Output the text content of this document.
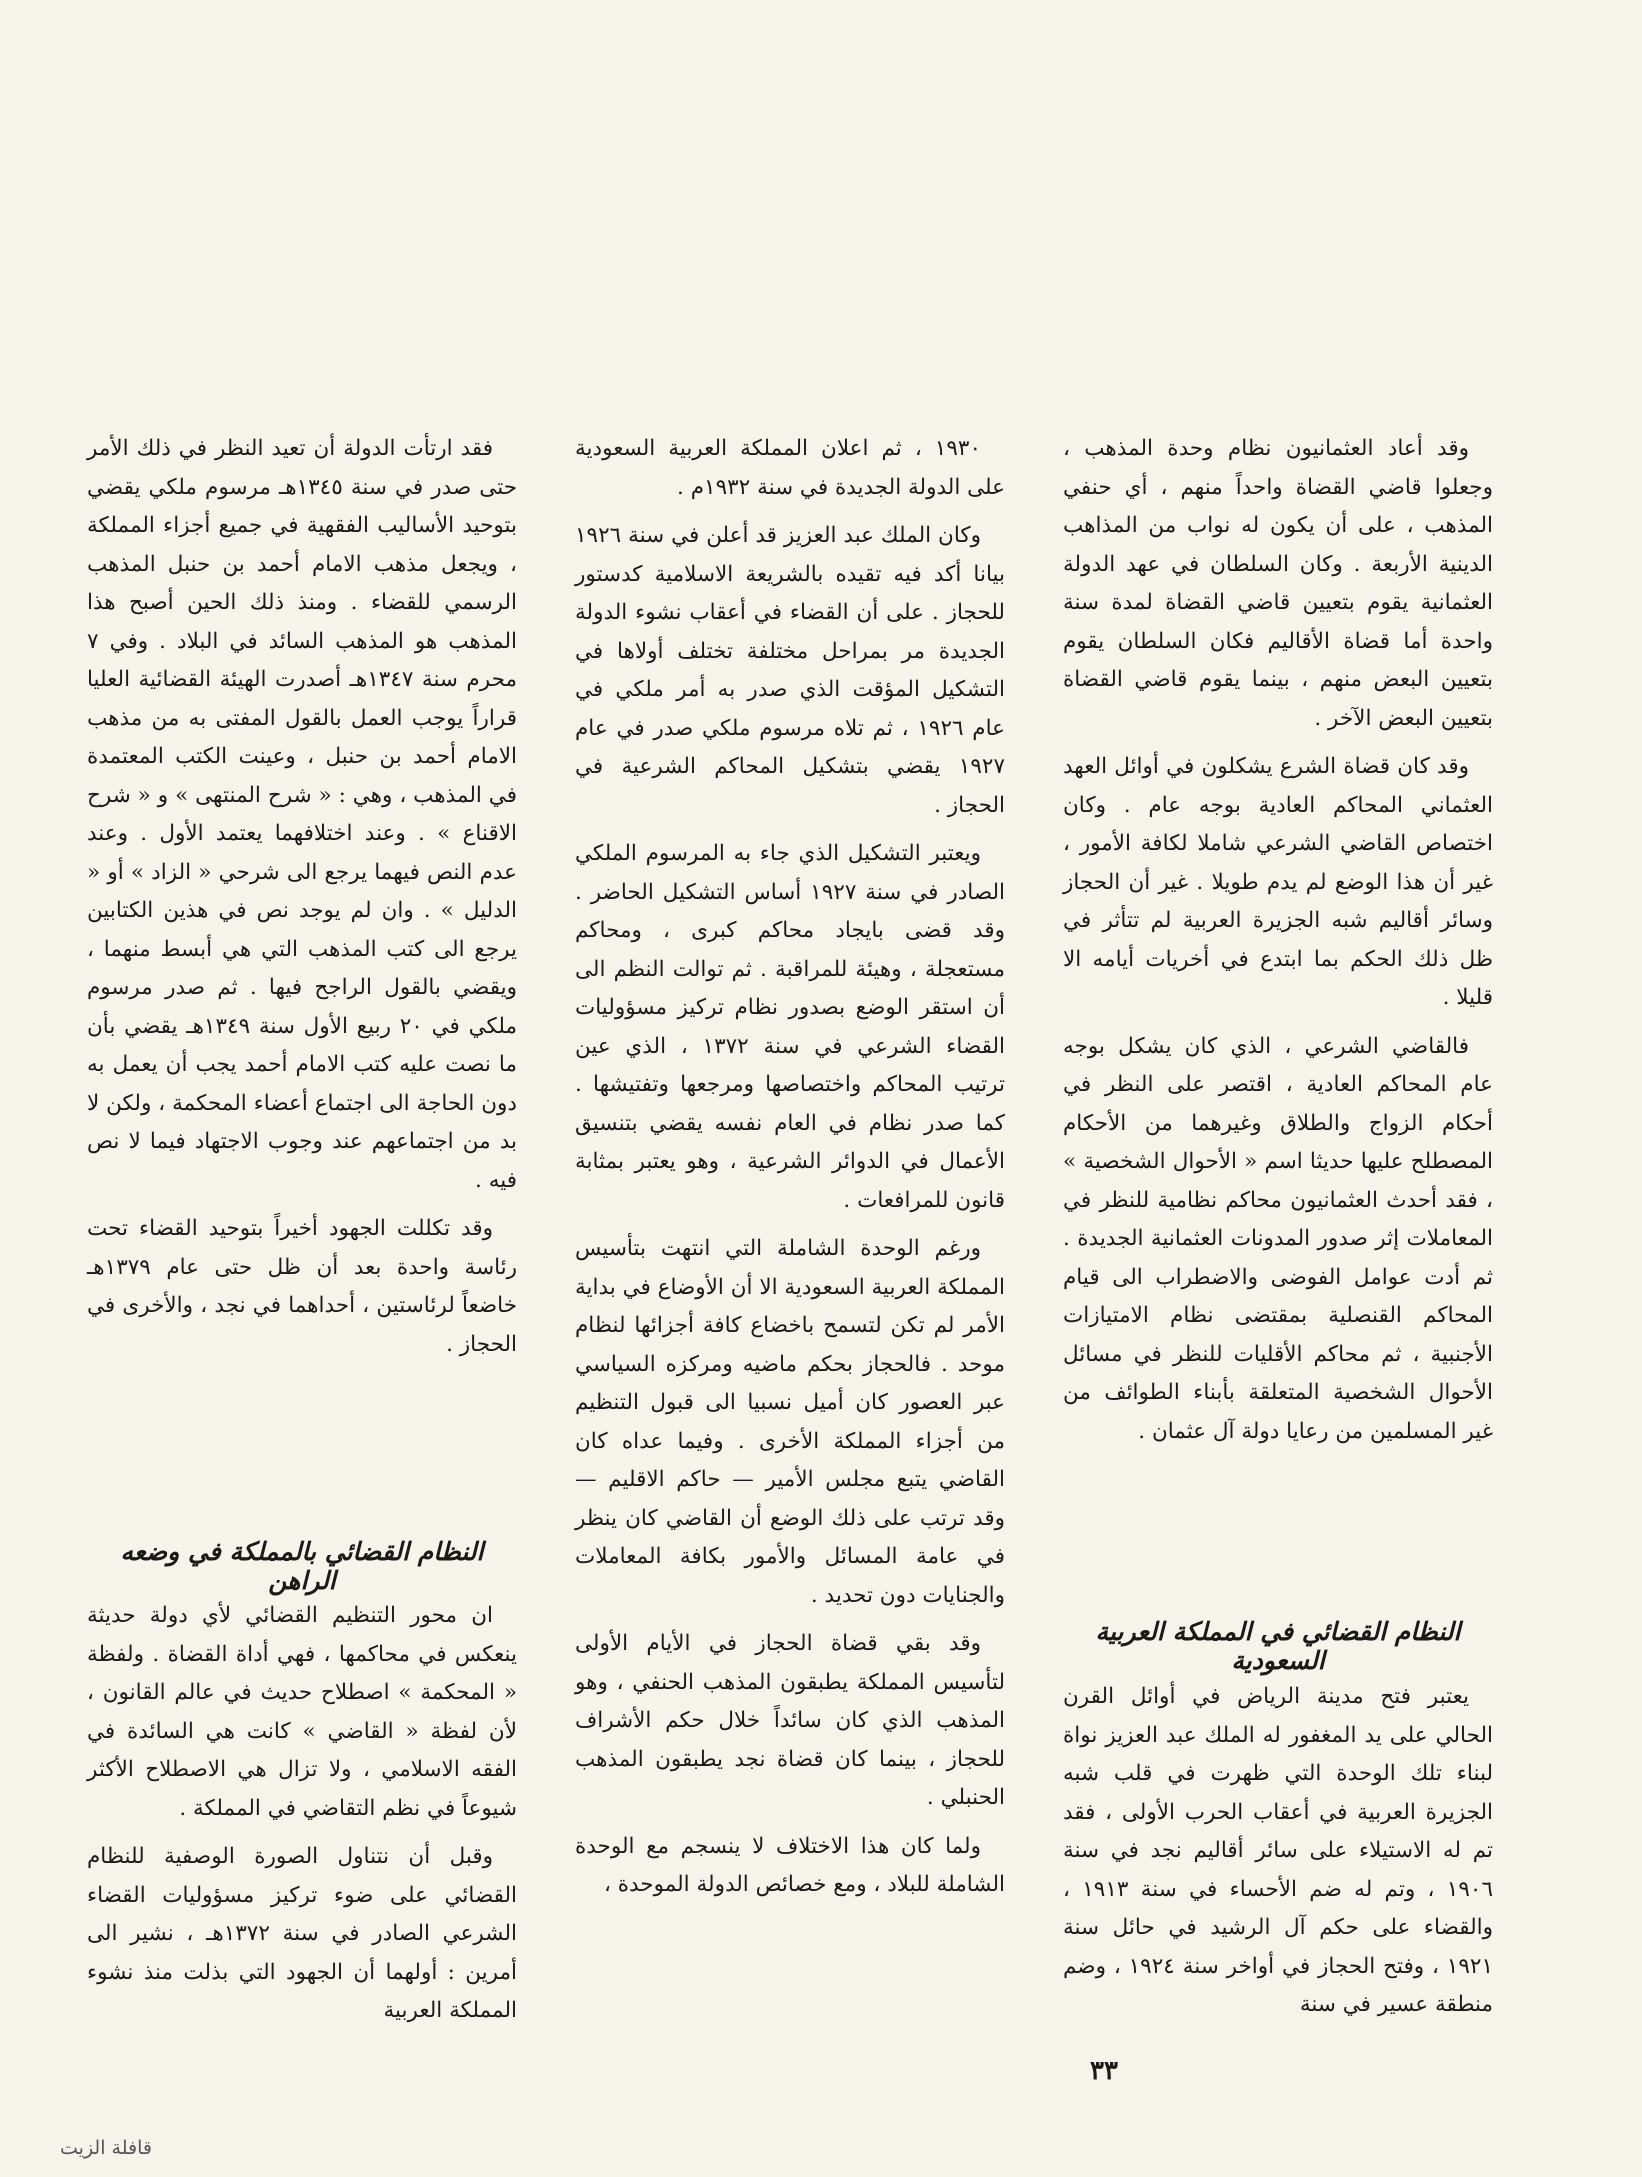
وقد أعاد العثمانيون نظام وحدة المذهب ، وجعلوا قاضي القضاة واحداً منهم ، أي حنفي المذهب ، على أن يكون له نواب من المذاهب الدينية الأربعة . وكان السلطان في عهد الدولة العثمانية يقوم بتعيين قاضي القضاة لمدة سنة واحدة أما قضاة الأقاليم فكان السلطان يقوم بتعيين البعض منهم ، بينما يقوم قاضي القضاة بتعيين البعض الآخر .

وقد كان قضاة الشرع يشكلون في أوائل العهد العثماني المحاكم العادية بوجه عام . وكان اختصاص القاضي الشرعي شاملا لكافة الأمور ، غير أن هذا الوضع لم يدم طويلا . غير أن الحجاز وسائر أقاليم شبه الجزيرة العربية لم تتأثر في ظل ذلك الحكم بما ابتدع في أخريات أيامه الا قليلا .

فالقاضي الشرعي ، الذي كان يشكل بوجه عام المحاكم العادية ، اقتصر على النظر في أحكام الزواج والطلاق وغيرهما من الأحكام المصطلح عليها حديثا اسم « الأحوال الشخصية » ، فقد أحدث العثمانيون محاكم نظامية للنظر في المعاملات إثر صدور المدونات العثمانية الجديدة . ثم أدت عوامل الفوضى والاضطراب الى قيام المحاكم القنصلية بمقتضى نظام الامتيازات الأجنبية ، ثم محاكم الأقليات للنظر في مسائل الأحوال الشخصية المتعلقة بأبناء الطوائف من غير المسلمين من رعايا دولة آل عثمان .

النظام القضائي في المملكة العربية السعودية

يعتبر فتح مدينة الرياض في أوائل القرن الحالي على يد المغفور له الملك عبد العزيز نواة لبناء تلك الوحدة التي ظهرت في قلب شبه الجزيرة العربية في أعقاب الحرب الأولى ، فقد تم له الاستيلاء على سائر أقاليم نجد في سنة ١٩٠٦ ، وتم له ضم الأحساء في سنة ١٩١٣ ، والقضاء على حكم آل الرشيد في حائل سنة ١٩٢١ ، وفتح الحجاز في أواخر سنة ١٩٢٤ ، وضم منطقة عسير في سنة

١٩٣٠ ، ثم اعلان المملكة العربية السعودية على الدولة الجديدة في سنة ١٩٣٢م .

وكان الملك عبد العزيز قد أعلن في سنة ١٩٢٦ بيانا أكد فيه تقيده بالشريعة الاسلامية كدستور للحجاز . على أن القضاء في أعقاب نشوء الدولة الجديدة مر بمراحل مختلفة تختلف أولاها في التشكيل المؤقت الذي صدر به أمر ملكي في عام ١٩٢٦ ، ثم تلاه مرسوم ملكي صدر في عام ١٩٢٧ يقضي بتشكيل المحاكم الشرعية في الحجاز .

ويعتبر التشكيل الذي جاء به المرسوم الملكي الصادر في سنة ١٩٢٧ أساس التشكيل الحاضر . وقد قضى بايجاد محاكم كبرى ، ومحاكم مستعجلة ، وهيئة للمراقبة . ثم توالت النظم الى أن استقر الوضع بصدور نظام تركيز مسؤوليات القضاء الشرعي في سنة ١٣٧٢ ، الذي عين ترتيب المحاكم واختصاصها ومرجعها وتفتيشها . كما صدر نظام في العام نفسه يقضي بتنسيق الأعمال في الدوائر الشرعية ، وهو يعتبر بمثابة قانون للمرافعات .

ورغم الوحدة الشاملة التي انتهت بتأسيس المملكة العربية السعودية الا أن الأوضاع في بداية الأمر لم تكن لتسمح باخضاع كافة أجزائها لنظام موحد . فالحجاز بحكم ماضيه ومركزه السياسي عبر العصور كان أميل نسبيا الى قبول التنظيم من أجزاء المملكة الأخرى . وفيما عداه كان القاضي يتبع مجلس الأمير — حاكم الاقليم — وقد ترتب على ذلك الوضع أن القاضي كان ينظر في عامة المسائل والأمور بكافة المعاملات والجنايات دون تحديد .

وقد بقي قضاة الحجاز في الأيام الأولى لتأسيس المملكة يطبقون المذهب الحنفي ، وهو المذهب الذي كان سائداً خلال حكم الأشراف للحجاز ، بينما كان قضاة نجد يطبقون المذهب الحنبلي .

ولما كان هذا الاختلاف لا ينسجم مع الوحدة الشاملة للبلاد ، ومع خصائص الدولة الموحدة ،

فقد ارتأت الدولة أن تعيد النظر في ذلك الأمر حتى صدر في سنة ١٣٤٥هـ مرسوم ملكي يقضي بتوحيد الأساليب الفقهية في جميع أجزاء المملكة ، ويجعل مذهب الامام أحمد بن حنبل المذهب الرسمي للقضاء . ومنذ ذلك الحين أصبح هذا المذهب هو المذهب السائد في البلاد . وفي ٧ محرم سنة ١٣٤٧هـ أصدرت الهيئة القضائية العليا قراراً يوجب العمل بالقول المفتى به من مذهب الامام أحمد بن حنبل ، وعينت الكتب المعتمدة في المذهب ، وهي : « شرح المنتهى » و « شرح الاقناع » . وعند اختلافهما يعتمد الأول . وعند عدم النص فيهما يرجع الى شرحي « الزاد » أو « الدليل » . وان لم يوجد نص في هذين الكتابين يرجع الى كتب المذهب التي هي أبسط منهما ، ويقضي بالقول الراجح فيها . ثم صدر مرسوم ملكي في ٢٠ ربيع الأول سنة ١٣٤٩هـ يقضي بأن ما نصت عليه كتب الامام أحمد يجب أن يعمل به دون الحاجة الى اجتماع أعضاء المحكمة ، ولكن لا بد من اجتماعهم عند وجوب الاجتهاد فيما لا نص فيه .

وقد تكللت الجهود أخيراً بتوحيد القضاء تحت رئاسة واحدة بعد أن ظل حتى عام ١٣٧٩هـ خاضعاً لرئاستين ، أحداهما في نجد ، والأخرى في الحجاز .

النظام القضائي بالمملكة في وضعه الراهن

ان محور التنظيم القضائي لأي دولة حديثة ينعكس في محاكمها ، فهي أداة القضاة . ولفظة « المحكمة » اصطلاح حديث في عالم القانون ، لأن لفظة « القاضي » كانت هي السائدة في الفقه الاسلامي ، ولا تزال هي الاصطلاح الأكثر شيوعاً في نظم التقاضي في المملكة .

وقبل أن نتناول الصورة الوصفية للنظام القضائي على ضوء تركيز مسؤوليات القضاء الشرعي الصادر في سنة ١٣٧٢هـ ، نشير الى أمرين : أولهما أن الجهود التي بذلت منذ نشوء المملكة العربية

٣٣
قافلة الزيت
